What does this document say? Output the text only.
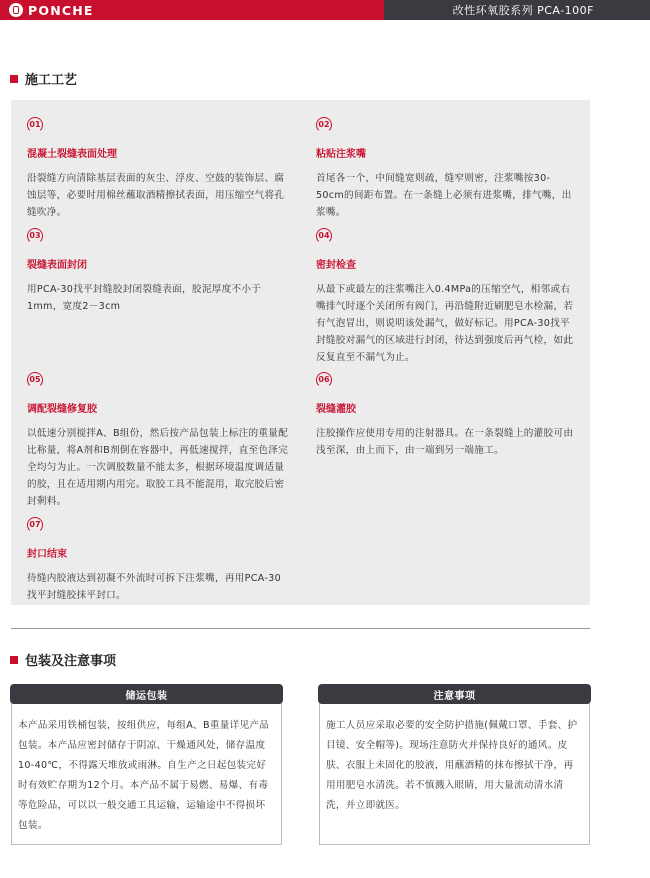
PONCHE	改性环氧胶系列 PCA-100F
施工工艺
01
混凝土裂缝表面处理
沿裂缝方向清除基层表面的灰尘、浮皮、空鼓的装饰层、腐蚀层等，必要时用棉丝蘸取酒精擦拭表面，用压缩空气将孔缝吹净。
02
粘贴注浆嘴
首尾各一个，中间缝宽则疏，缝窄则密，注浆嘴按30-50cm的间距布置。在一条缝上必须有进浆嘴，排气嘴，出浆嘴。
03
裂缝表面封闭
用PCA-30找平封缝胶封闭裂缝表面，胶泥厚度不小于1mm，宽度2－3cm
04
密封检查
从最下或最左的注浆嘴注入0.4MPa的压缩空气，相邻或右嘴排气时逐个关闭所有阀门，再沿缝附近刷肥皂水检漏，若有气泡冒出，则说明该处漏气，做好标记。用PCA-30找平封缝胶对漏气的区域进行封闭，待达到强度后再气检，如此反复直至不漏气为止。
05
调配裂缝修复胶
以低速分别搅拌A、B组份，然后按产品包装上标注的重量配比称量，将A剂和B剂倒在容器中，再低速搅拌，直至色泽完全均匀为止。一次调胶数量不能太多，根据环境温度调适量的胶，且在适用期内用完。取胶工具不能混用，取完胶后密封剩料。
06
裂缝灌胶
注胶操作应使用专用的注射器具。在一条裂缝上的灌胶可由浅至深，由上而下，由一端到另一端施工。
07
封口结束
待缝内胶液达到初凝不外流时可拆下注浆嘴，再用PCA-30找平封缝胶抹平封口。
包装及注意事项
储运包装
本产品采用铁桶包装，按组供应，每组A、B重量详见产品包装。本产品应密封储存于阴凉、干燥通风处，储存温度10-40℃，不得露天堆放或雨淋。自生产之日起包装完好时有效贮存期为12个月。本产品不属于易燃、易爆、有毒等危险品，可以以一般交通工具运输，运输途中不得损坏包装。
注意事项
施工人员应采取必要的安全防护措施(佩戴口罩、手套、护目镜、安全帽等)。现场注意防火并保持良好的通风。皮肤、衣服上未固化的胶液，用蘸酒精的抹布擦拭干净，再用用肥皂水清洗。若不慎溅入眼睛，用大量流动清水清洗，并立即就医。
